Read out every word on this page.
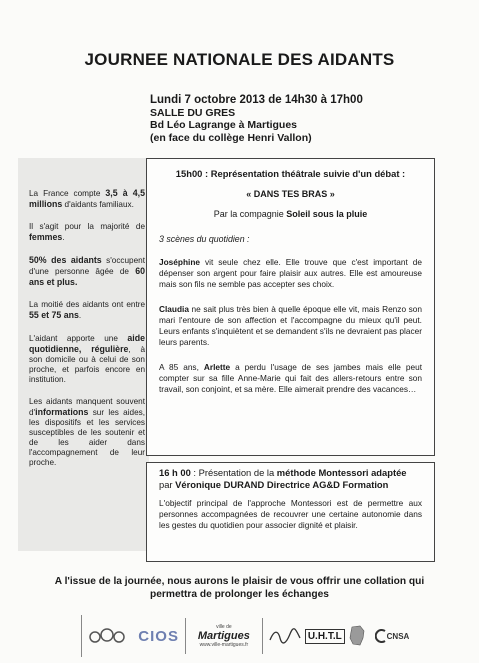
JOURNEE NATIONALE DES AIDANTS
Lundi 7 octobre 2013 de 14h30 à 17h00
SALLE DU GRES
Bd Léo Lagrange à Martigues
(en face du collège Henri Vallon)

La France compte 3,5 à 4,5 millions d'aidants familiaux.

Il s'agit pour la majorité de femmes.

50% des aidants s'occupent d'une personne âgée de 60 ans et plus.

La moitié des aidants ont entre 55 et 75 ans.

L'aidant apporte une aide quotidienne, régulière, à son domicile ou à celui de son proche, et parfois encore en institution.

Les aidants manquent souvent d'informations sur les aides, les dispositifs et les services susceptibles de les soutenir et de les aider dans l'accompagnement de leur proche.

15h00 : Représentation théâtrale suivie d'un débat :
« DANS TES BRAS »
Par la compagnie Soleil sous la pluie
3 scènes du quotidien :
Joséphine vit seule chez elle. Elle trouve que c'est important de dépenser son argent pour faire plaisir aux autres. Elle est amoureuse mais son fils ne semble pas accepter ses choix.
Claudia ne sait plus très bien à quelle époque elle vit, mais Renzo son mari l'entoure de son affection et l'accompagne du mieux qu'il peut. Leurs enfants s'inquiètent et se demandent s'ils ne devraient pas placer leurs parents.
A 85 ans, Arlette a perdu l'usage de ses jambes mais elle peut compter sur sa fille Anne-Marie qui fait des allers-retours entre son travail, son conjoint, et sa mère. Elle aimerait prendre des vacances…
16 h 00 : Présentation de la méthode Montessori adaptée par Véronique DURAND Directrice AG&D Formation
L'objectif principal de l'approche Montessori est de permettre aux personnes accompagnées de recouvrer une certaine autonomie dans les gestes du quotidien pour associer dignité et plaisir.
A l'issue de la journée, nous aurons le plaisir de vous offrir une collation qui
permettra de prolonger les échanges
CIOS
ville de
Martigues
www.ville-martigues.fr
U.H.T.L	CNSA
